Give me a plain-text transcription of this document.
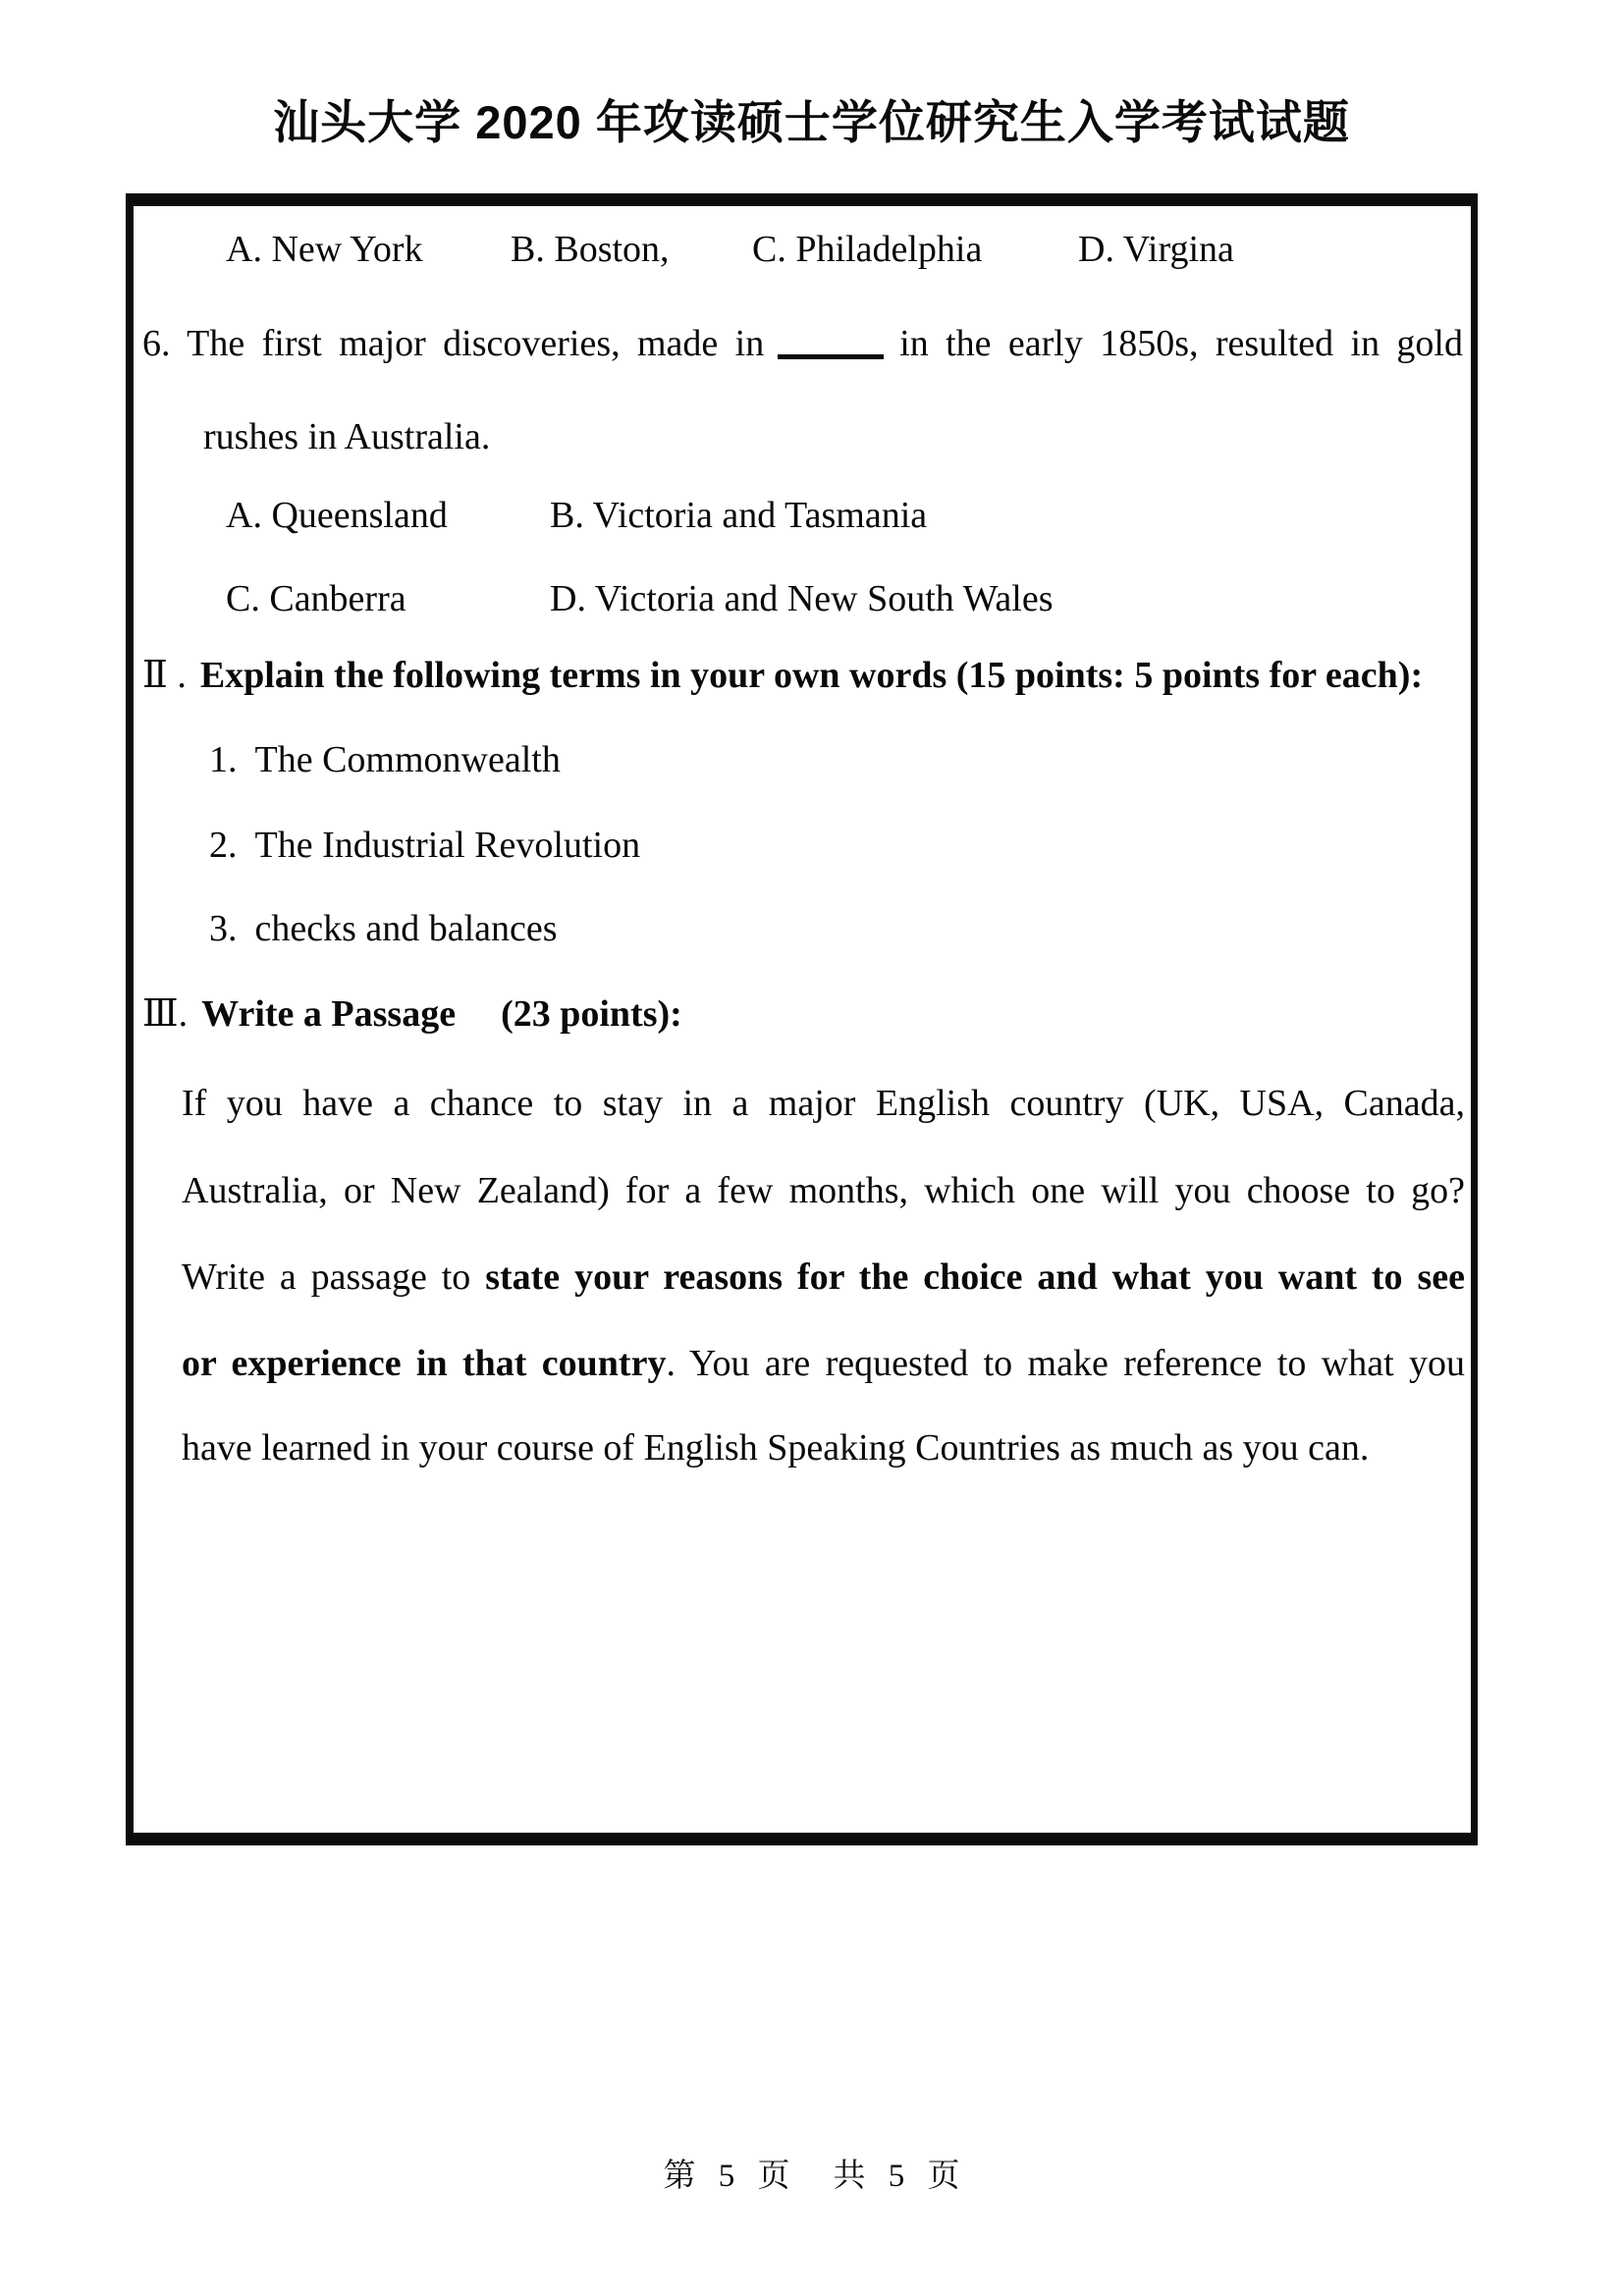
汕头大学 2020 年攻读硕士学位研究生入学考试试题
A. New York B. Boston, C. Philadelphia	D. Virgina
6. The first major discoveries, made in	in the early 1850s, resulted in gold
rushes in Australia.
A. Queensland	B. Victoria and Tasmania
C. Canberra	D. Victoria and New South Wales
Ⅱ . Explain the following terms in your own words (15 points: 5 points for each):
1. The Commonwealth
2. The Industrial Revolution
3. checks and balances
Ⅲ. Write a Passage (23 points):
If you have a chance to stay in a major English country (UK, USA, Canada,
Australia, or New Zealand) for a few months, which one will you choose to go?
Write a passage to state your reasons for the choice and what you want to see
or experience in that country. You are requested to make reference to what you
have learned in your course of English Speaking Countries as much as you can.
第 5 页 共 5 页
